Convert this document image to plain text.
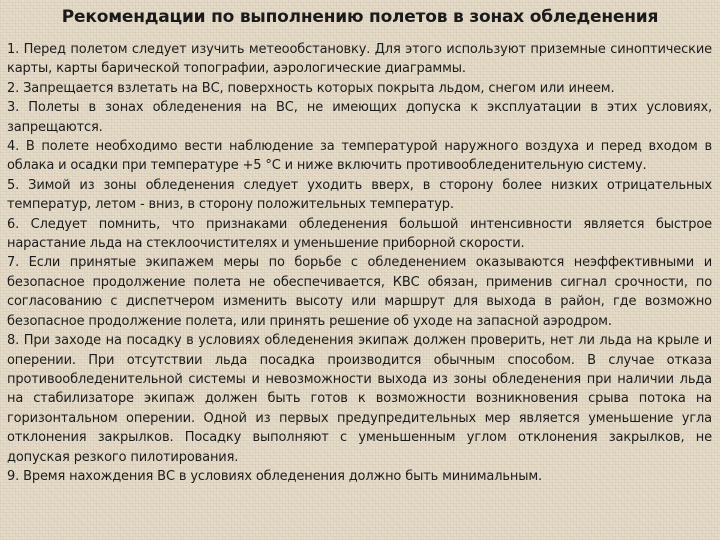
Рекомендации по выполнению полетов в зонах обледенения

1. Перед полетом следует изучить метеообстановку. Для этого используют приземные синоптические карты, карты барической топографии, аэрологические диаграммы.

2. Запрещается взлетать на ВС, поверхность которых покрыта льдом, снегом или инеем.

3. Полеты в зонах обледенения на ВС, не имеющих допуска к эксплуатации в этих условиях, запрещаются.

4. В полете необходимо вести наблюдение за температурой наружного воздуха и перед входом в облака и осадки при температуре +5 °С и ниже включить противообледенительную систему.

5. Зимой из зоны обледенения следует уходить вверх, в сторону более низких отрицательных температур, летом - вниз, в сторону положительных температур.

6. Следует помнить, что признаками обледенения большой интенсивности является быстрое нарастание льда на стеклоочистителях и уменьшение приборной скорости.

7. Если принятые экипажем меры по борьбе с обледенением оказываются неэффективными и безопасное продолжение полета не обеспечивается, КВС обязан, применив сигнал срочности, по согласованию с диспетчером изменить высоту или маршрут для выхода в район, где возможно безопасное продолжение полета, или принять решение об уходе на запасной аэродром.

8. При заходе на посадку в условиях обледенения экипаж должен проверить, нет ли льда на крыле и оперении. При отсутствии льда посадка производится обычным способом. В случае отказа противообледенительной системы и невозможности выхода из зоны обледенения при наличии льда на стабилизаторе экипаж должен быть готов к возможности возникновения срыва потока на горизонтальном оперении. Одной из первых предупредительных мер является уменьшение угла отклонения закрылков. Посадку выполняют с уменьшенным углом отклонения закрылков, не допуская резкого пилотирования.

9. Время нахождения ВС в условиях обледенения должно быть минимальным.
